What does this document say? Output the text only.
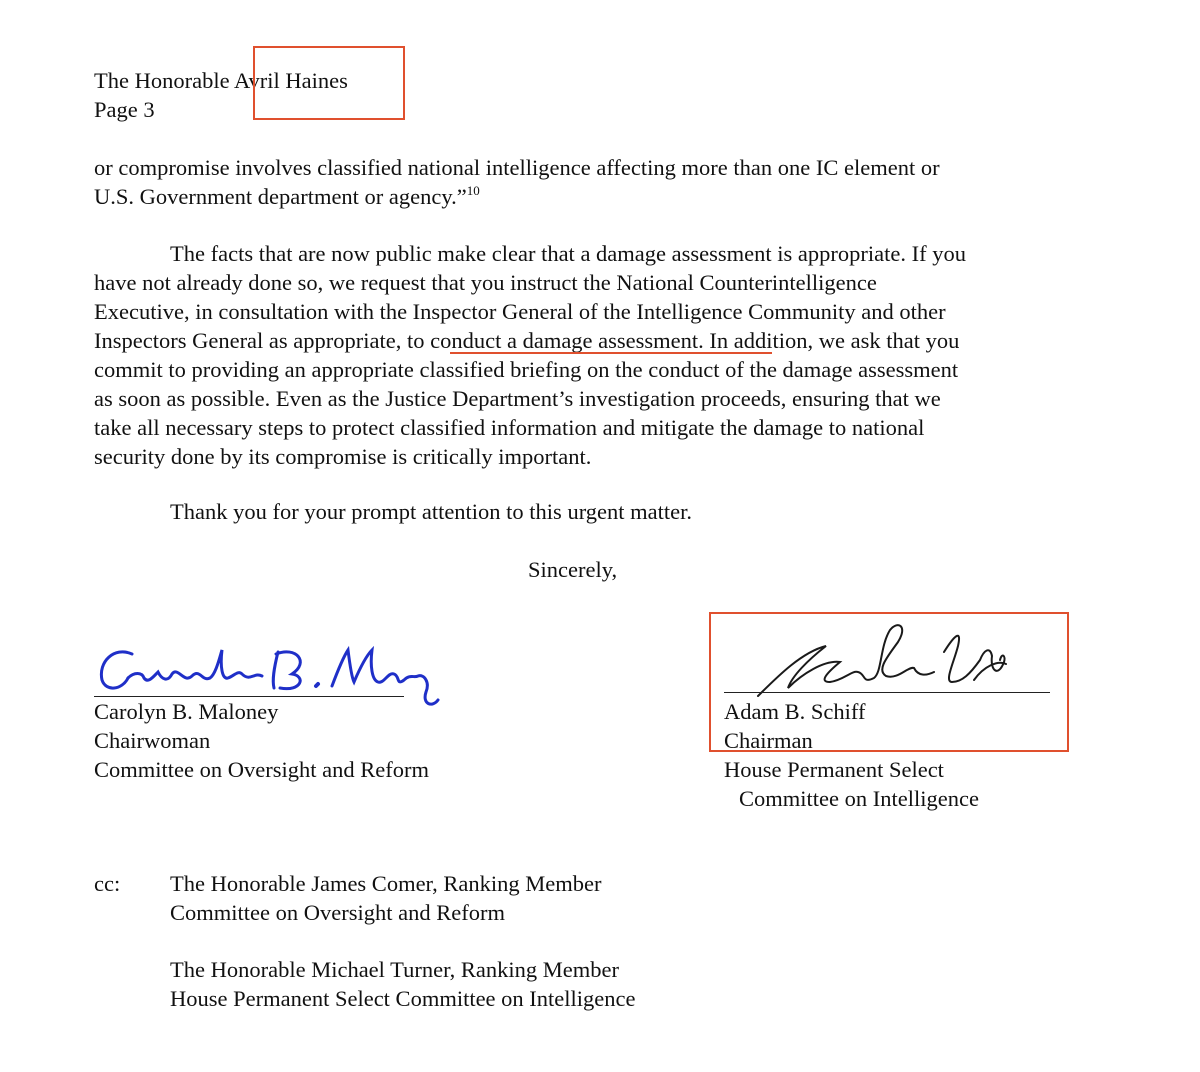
The Honorable Avril Haines
Page 3
or compromise involves classified national intelligence affecting more than one IC element or
U.S. Government department or agency.”$^{10}$
The facts that are now public make clear that a damage assessment is appropriate. If you
have not already done so, we request that you instruct the National Counterintelligence
Executive, in consultation with the Inspector General of the Intelligence Community and other
Inspectors General as appropriate, to conduct a damage assessment. In addition, we ask that you
commit to providing an appropriate classified briefing on the conduct of the damage assessment
as soon as possible. Even as the Justice Department’s investigation proceeds, ensuring that we
take all necessary steps to protect classified information and mitigate the damage to national
security done by its compromise is critically important.
Thank you for your prompt attention to this urgent matter.
Sincerely,
Carolyn B. Maloney
Chairwoman
Committee on Oversight and Reform
Adam B. Schiff
Chairman
House Permanent Select
Committee on Intelligence
cc: The Honorable James Comer, Ranking Member
Committee on Oversight and Reform
The Honorable Michael Turner, Ranking Member
House Permanent Select Committee on Intelligence
